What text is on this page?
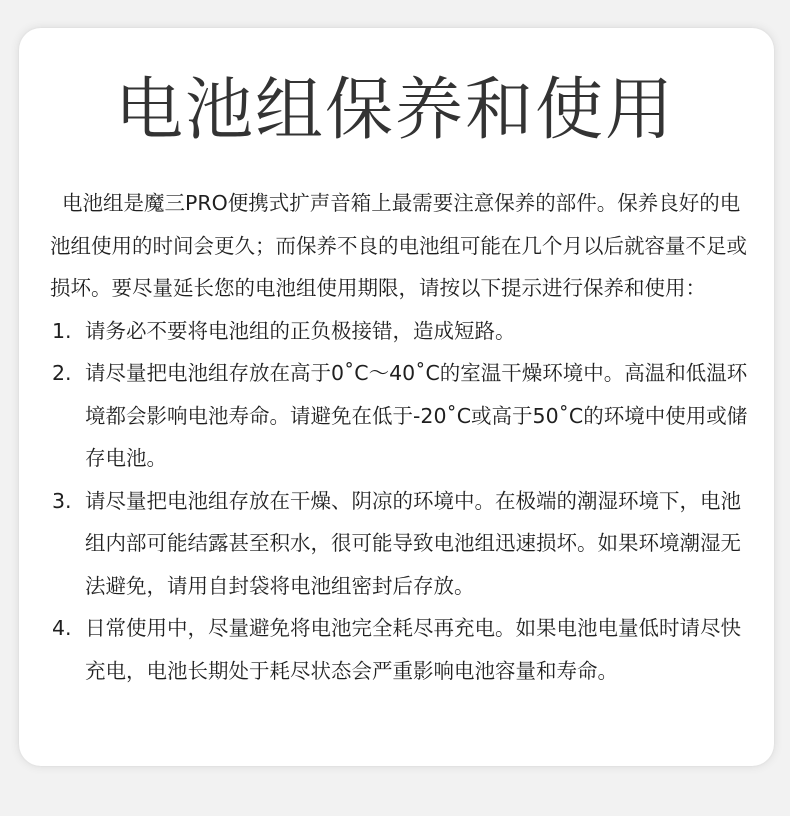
电池组保养和使用

电池组是魔三PRO便携式扩声音箱上最需要注意保养的部件。保养良好的电池组使用的时间会更久；而保养不良的电池组可能在几个月以后就容量不足或损坏。要尽量延长您的电池组使用期限，请按以下提示进行保养和使用：

1. 请务必不要将电池组的正负极接错，造成短路。
2. 请尽量把电池组存放在高于0˚C～40˚C的室温干燥环境中。高温和低温环境都会影响电池寿命。请避免在低于-20˚C或高于50˚C的环境中使用或储存电池。
3. 请尽量把电池组存放在干燥、阴凉的环境中。在极端的潮湿环境下，电池组内部可能结露甚至积水，很可能导致电池组迅速损坏。如果环境潮湿无法避免，请用自封袋将电池组密封后存放。
4. 日常使用中，尽量避免将电池完全耗尽再充电。如果电池电量低时请尽快充电，电池长期处于耗尽状态会严重影响电池容量和寿命。
